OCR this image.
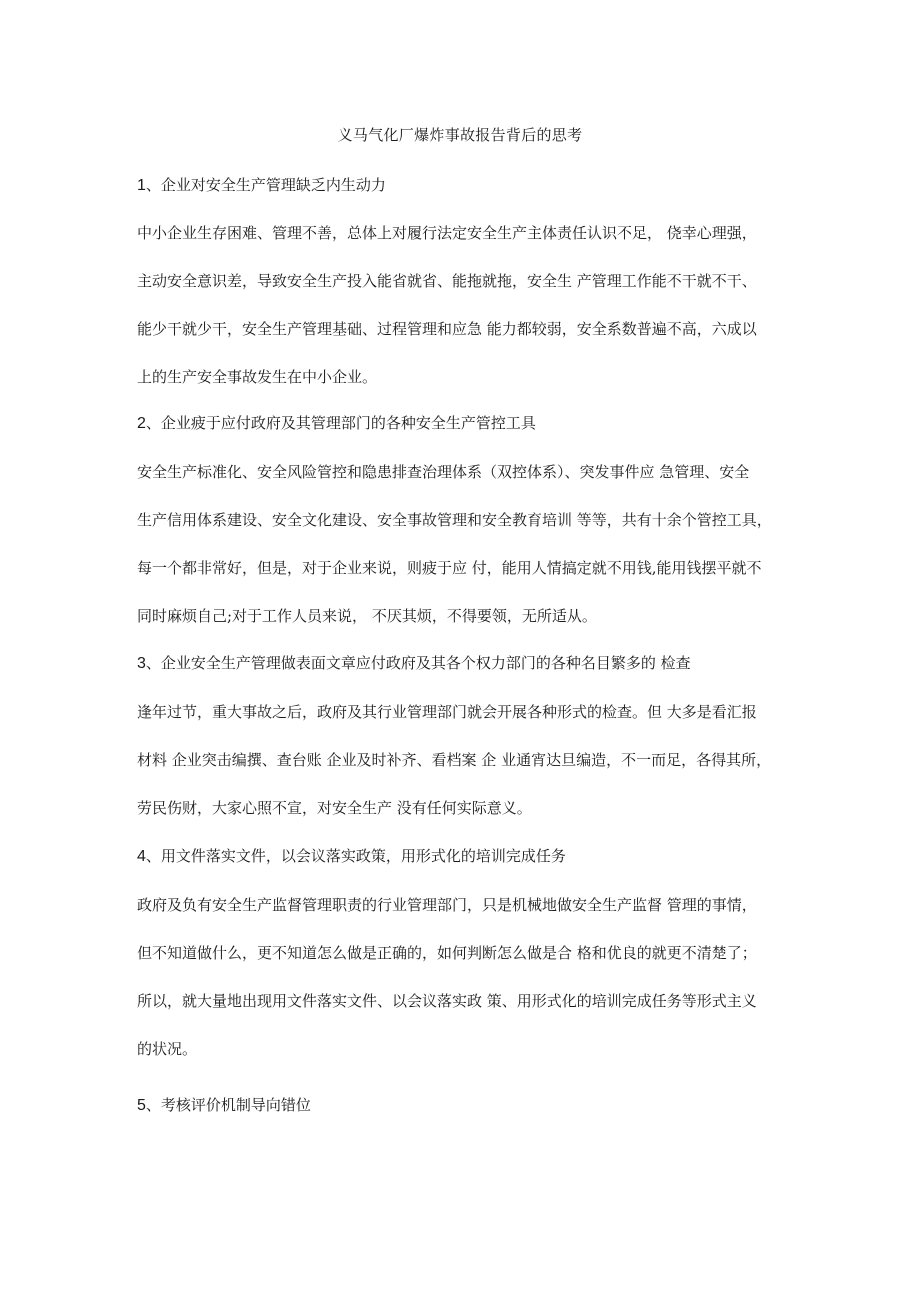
义马气化厂爆炸事故报告背后的思考
1、企业对安全生产管理缺乏内生动力
中小企业生存困难、管理不善，总体上对履行法定安全生产主体责任认识不足， 侥幸心理强，
主动安全意识差，导致安全生产投入能省就省、能拖就拖，安全生 产管理工作能不干就不干、
能少干就少干，安全生产管理基础、过程管理和应急 能力都较弱，安全系数普遍不高，六成以
上的生产安全事故发生在中小企业。
2、企业疲于应付政府及其管理部门的各种安全生产管控工具
安全生产标准化、安全风险管控和隐患排查治理体系（双控体系）、突发事件应 急管理、安全
生产信用体系建设、安全文化建设、安全事故管理和安全教育培训 等等，共有十余个管控工具，
每一个都非常好，但是，对于企业来说，则疲于应 付，能用人情搞定就不用钱,能用钱摆平就不
同时麻烦自己;对于工作人员来说， 不厌其烦，不得要领，无所适从。
3、企业安全生产管理做表面文章应付政府及其各个权力部门的各种名目繁多的 检查
逢年过节，重大事故之后，政府及其行业管理部门就会开展各种形式的检查。但 大多是看汇报
材料 企业突击编撰、查台账 企业及时补齐、看档案 企 业通宵达旦编造，不一而足，各得其所，
劳民伤财，大家心照不宣，对安全生产 没有任何实际意义。
4、用文件落实文件，以会议落实政策，用形式化的培训完成任务
政府及负有安全生产监督管理职责的行业管理部门，只是机械地做安全生产监督 管理的事情，
但不知道做什么，更不知道怎么做是正确的，如何判断怎么做是合 格和优良的就更不清楚了；
所以，就大量地出现用文件落实文件、以会议落实政 策、用形式化的培训完成任务等形式主义
的状况。
5、考核评价机制导向错位
